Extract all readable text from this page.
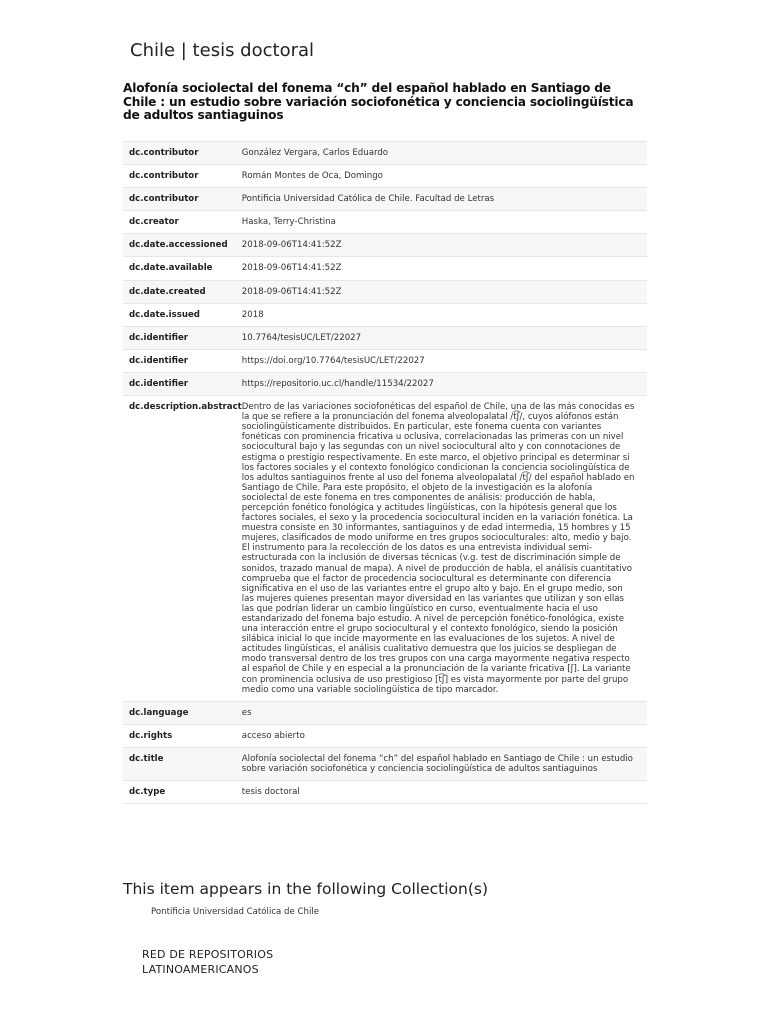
Chile | tesis doctoral
Alofonía sociolectal del fonema “ch” del español hablado en Santiago de Chile : un estudio sobre variación sociofonética y conciencia sociolingüística de adultos santiaguinos
dc.contributor	González Vergara, Carlos Eduardo
dc.contributor	Román Montes de Oca, Domingo
dc.contributor	Pontificia Universidad Católica de Chile. Facultad de Letras
dc.creator	Haska, Terry-Christina
dc.date.accessioned	2018-09-06T14:41:52Z
dc.date.available	2018-09-06T14:41:52Z
dc.date.created	2018-09-06T14:41:52Z
dc.date.issued	2018
dc.identifier	10.7764/tesisUC/LET/22027
dc.identifier	https://doi.org/10.7764/tesisUC/LET/22027
dc.identifier	https://repositorio.uc.cl/handle/11534/22027
dc.description.abstract	Dentro de las variaciones sociofonéticas del español de Chile, una de las más conocidas es la que se refiere a la pronunciación del fonema alveolopalatal /t͡ʃ/, cuyos alófonos están sociolingüísticamente distribuidos. En particular, este fonema cuenta con variantes fonéticas con prominencia fricativa u oclusiva, correlacionadas las primeras con un nivel sociocultural bajo y las segundas con un nivel sociocultural alto y con connotaciones de estigma o prestigio respectivamente. En este marco, el objetivo principal es determinar si los factores sociales y el contexto fonológico condicionan la conciencia sociolingüística de los adultos santiaguinos frente al uso del fonema alveolopalatal /t͡ʃ/ del español hablado en Santiago de Chile. Para este propósito, el objeto de la investigación es la alofonía sociolectal de este fonema en tres componentes de análisis: producción de habla, percepción fonético fonológica y actitudes lingüísticas, con la hipótesis general que los factores sociales, el sexo y la procedencia sociocultural inciden en la variación fonética. La muestra consiste en 30 informantes, santiaguinos y de edad intermedia, 15 hombres y 15 mujeres, clasificados de modo uniforme en tres grupos socioculturales: alto, medio y bajo. El instrumento para la recolección de los datos es una entrevista individual semi-estructurada con la inclusión de diversas técnicas (v.g. test de discriminación simple de sonidos, trazado manual de mapa). A nivel de producción de habla, el análisis cuantitativo comprueba que el factor de procedencia sociocultural es determinante con diferencia significativa en el uso de las variantes entre el grupo alto y bajo. En el grupo medio, son las mujeres quienes presentan mayor diversidad en las variantes que utilizan y son ellas las que podrían liderar un cambio lingüístico en curso, eventualmente hacia el uso estandarizado del fonema bajo estudio. A nivel de percepción fonético-fonológica, existe una interacción entre el grupo sociocultural y el contexto fonológico, siendo la posición silábica inicial lo que incide mayormente en las evaluaciones de los sujetos. A nivel de actitudes lingüísticas, el análisis cualitativo demuestra que los juicios se despliegan de modo transversal dentro de los tres grupos con una carga mayormente negativa respecto al español de Chile y en especial a la pronunciación de la variante fricativa [ʃ]. La variante con prominencia oclusiva de uso prestigioso [t͡ʃ] es vista mayormente por parte del grupo medio como una variable sociolingüística de tipo marcador.
dc.language	es
dc.rights	acceso abierto
dc.title	Alofonía sociolectal del fonema “ch” del español hablado en Santiago de Chile : un estudio sobre variación sociofonética y conciencia sociolingüística de adultos santiaguinos
dc.type	tesis doctoral
This item appears in the following Collection(s)
Pontificia Universidad Católica de Chile
RED DE REPOSITORIOS
LATINOAMERICANOS
